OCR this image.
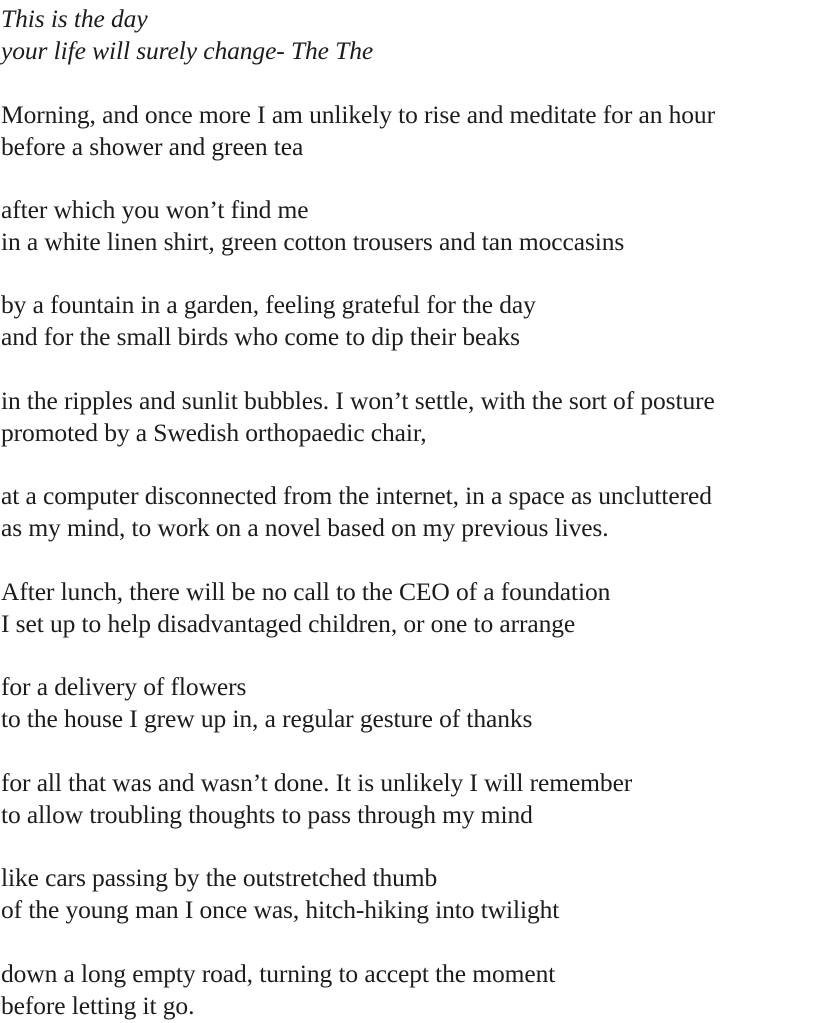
This is the day
your life will surely change- The The
Morning, and once more I am unlikely to rise and meditate for an hour
before a shower and green tea
after which you won’t find me
in a white linen shirt, green cotton trousers and tan moccasins
by a fountain in a garden, feeling grateful for the day
and for the small birds who come to dip their beaks
in the ripples and sunlit bubbles. I won’t settle, with the sort of posture
promoted by a Swedish orthopaedic chair,
at a computer disconnected from the internet, in a space as uncluttered
as my mind, to work on a novel based on my previous lives.
After lunch, there will be no call to the CEO of a foundation
I set up to help disadvantaged children, or one to arrange
for a delivery of flowers
to the house I grew up in, a regular gesture of thanks
for all that was and wasn’t done. It is unlikely I will remember
to allow troubling thoughts to pass through my mind
like cars passing by the outstretched thumb
of the young man I once was, hitch-hiking into twilight
down a long empty road, turning to accept the moment
before letting it go.
